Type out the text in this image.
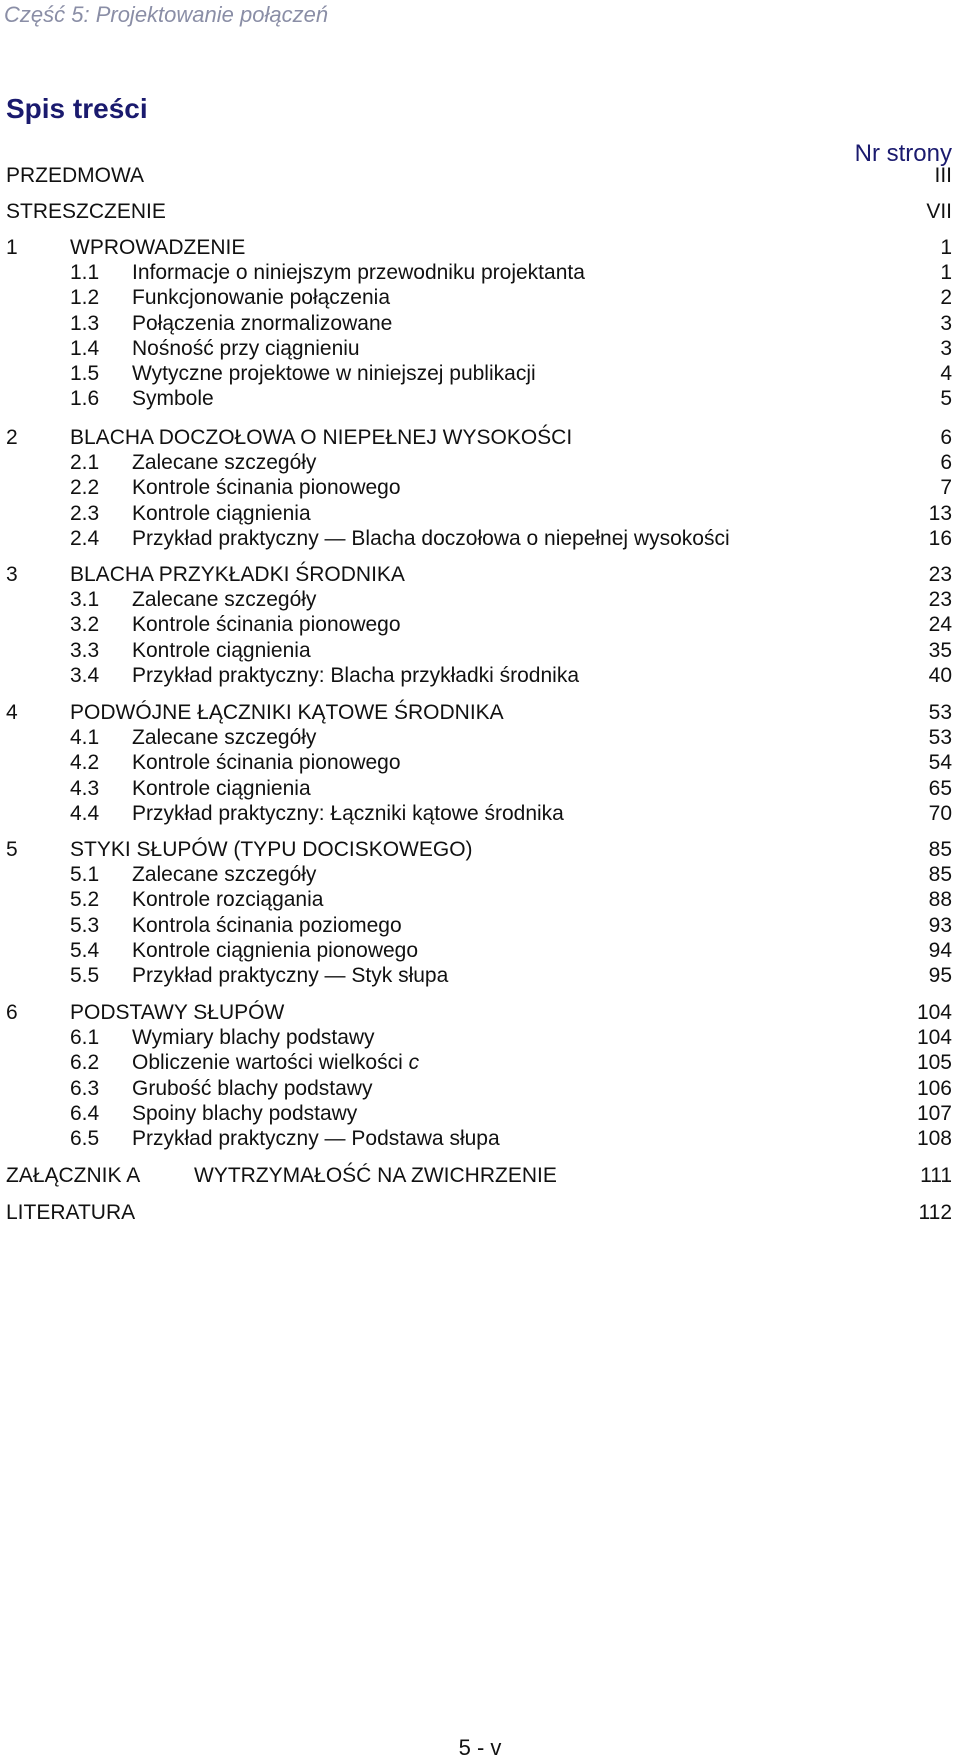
Część 5: Projektowanie połączeń
Spis treści
Nr strony
PRZEDMOWA	III
STRESZCZENIE	VII
1 WPROWADZENIE	1
1.1 Informacje o niniejszym przewodniku projektanta	1
1.2 Funkcjonowanie połączenia	2
1.3 Połączenia znormalizowane	3
1.4 Nośność przy ciągnieniu	3
1.5 Wytyczne projektowe w niniejszej publikacji	4
1.6 Symbole	5
2 BLACHA DOCZOŁOWA O NIEPEŁNEJ WYSOKOŚCI	6
2.1 Zalecane szczegóły	6
2.2 Kontrole ścinania pionowego	7
2.3 Kontrole ciągnienia	13
2.4 Przykład praktyczny — Blacha doczołowa o niepełnej wysokości	16
3 BLACHA PRZYKŁADKI ŚRODNIKA	23
3.1 Zalecane szczegóły	23
3.2 Kontrole ścinania pionowego	24
3.3 Kontrole ciągnienia	35
3.4 Przykład praktyczny: Blacha przykładki środnika	40
4 PODWÓJNE ŁĄCZNIKI KĄTOWE ŚRODNIKA	53
4.1 Zalecane szczegóły	53
4.2 Kontrole ścinania pionowego	54
4.3 Kontrole ciągnienia	65
4.4 Przykład praktyczny: Łączniki kątowe środnika	70
5 STYKI SŁUPÓW (TYPU DOCISKOWEGO)	85
5.1 Zalecane szczegóły	85
5.2 Kontrole rozciągania	88
5.3 Kontrola ścinania poziomego	93
5.4 Kontrole ciągnienia pionowego	94
5.5 Przykład praktyczny — Styk słupa	95
6 PODSTAWY SŁUPÓW	104
6.1 Wymiary blachy podstawy	104
6.2 Obliczenie wartości wielkości c	105
6.3 Grubość blachy podstawy	106
6.4 Spoiny blachy podstawy	107
6.5 Przykład praktyczny — Podstawa słupa	108
ZAŁĄCZNIK A	WYTRZYMAŁOŚĆ NA ZWICHRZENIE	111
LITERATURA	112
5 - v
